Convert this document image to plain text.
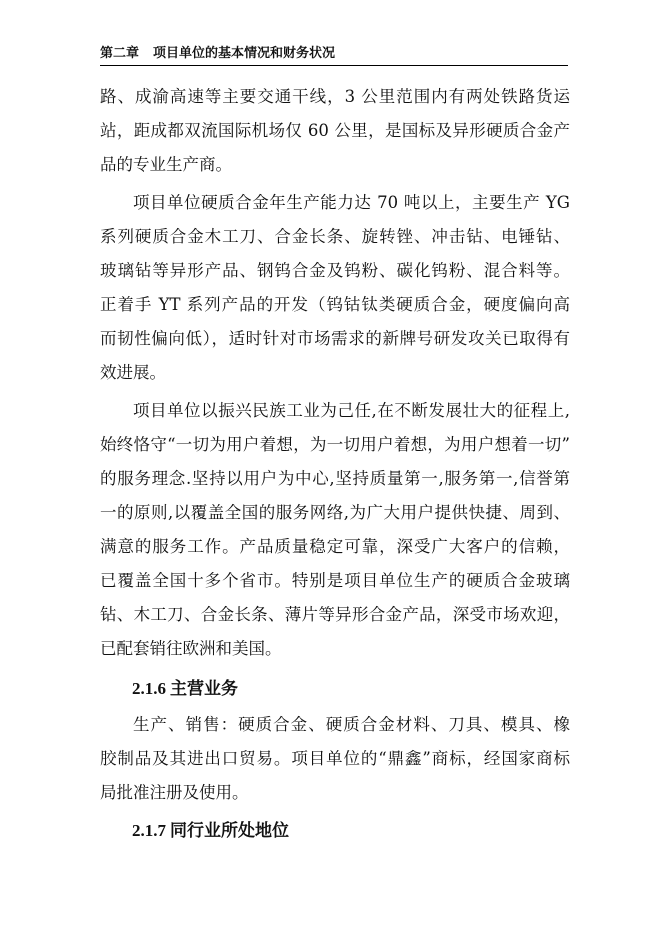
第二章 项目单位的基本情况和财务状况
路、成渝高速等主要交通干线，3 公里范围内有两处铁路货运
站，距成都双流国际机场仅 60 公里，是国标及异形硬质合金产
品的专业生产商。
项目单位硬质合金年生产能力达 70 吨以上，主要生产 YG
系列硬质合金木工刀、合金长条、旋转锉、冲击钻、电锤钻、
玻璃钻等异形产品、钢钨合金及钨粉、碳化钨粉、混合料等。
正着手 YT 系列产品的开发（钨钴钛类硬质合金，硬度偏向高
而韧性偏向低），适时针对市场需求的新牌号研发攻关已取得有
效进展。
项目单位以振兴民族工业为己任,在不断发展壮大的征程上,
始终恪守“一切为用户着想，为一切用户着想，为用户想着一切”
的服务理念.坚持以用户为中心,坚持质量第一,服务第一,信誉第
一的原则,以覆盖全国的服务网络,为广大用户提供快捷、周到、
满意的服务工作。产品质量稳定可靠，深受广大客户的信赖，
已覆盖全国十多个省市。特别是项目单位生产的硬质合金玻璃
钻、木工刀、合金长条、薄片等异形合金产品，深受市场欢迎，
已配套销往欧洲和美国。
2.1.6 主营业务
生产、销售：硬质合金、硬质合金材料、刀具、模具、橡
胶制品及其进出口贸易。项目单位的“鼎鑫”商标，经国家商标
局批准注册及使用。
2.1.7 同行业所处地位
